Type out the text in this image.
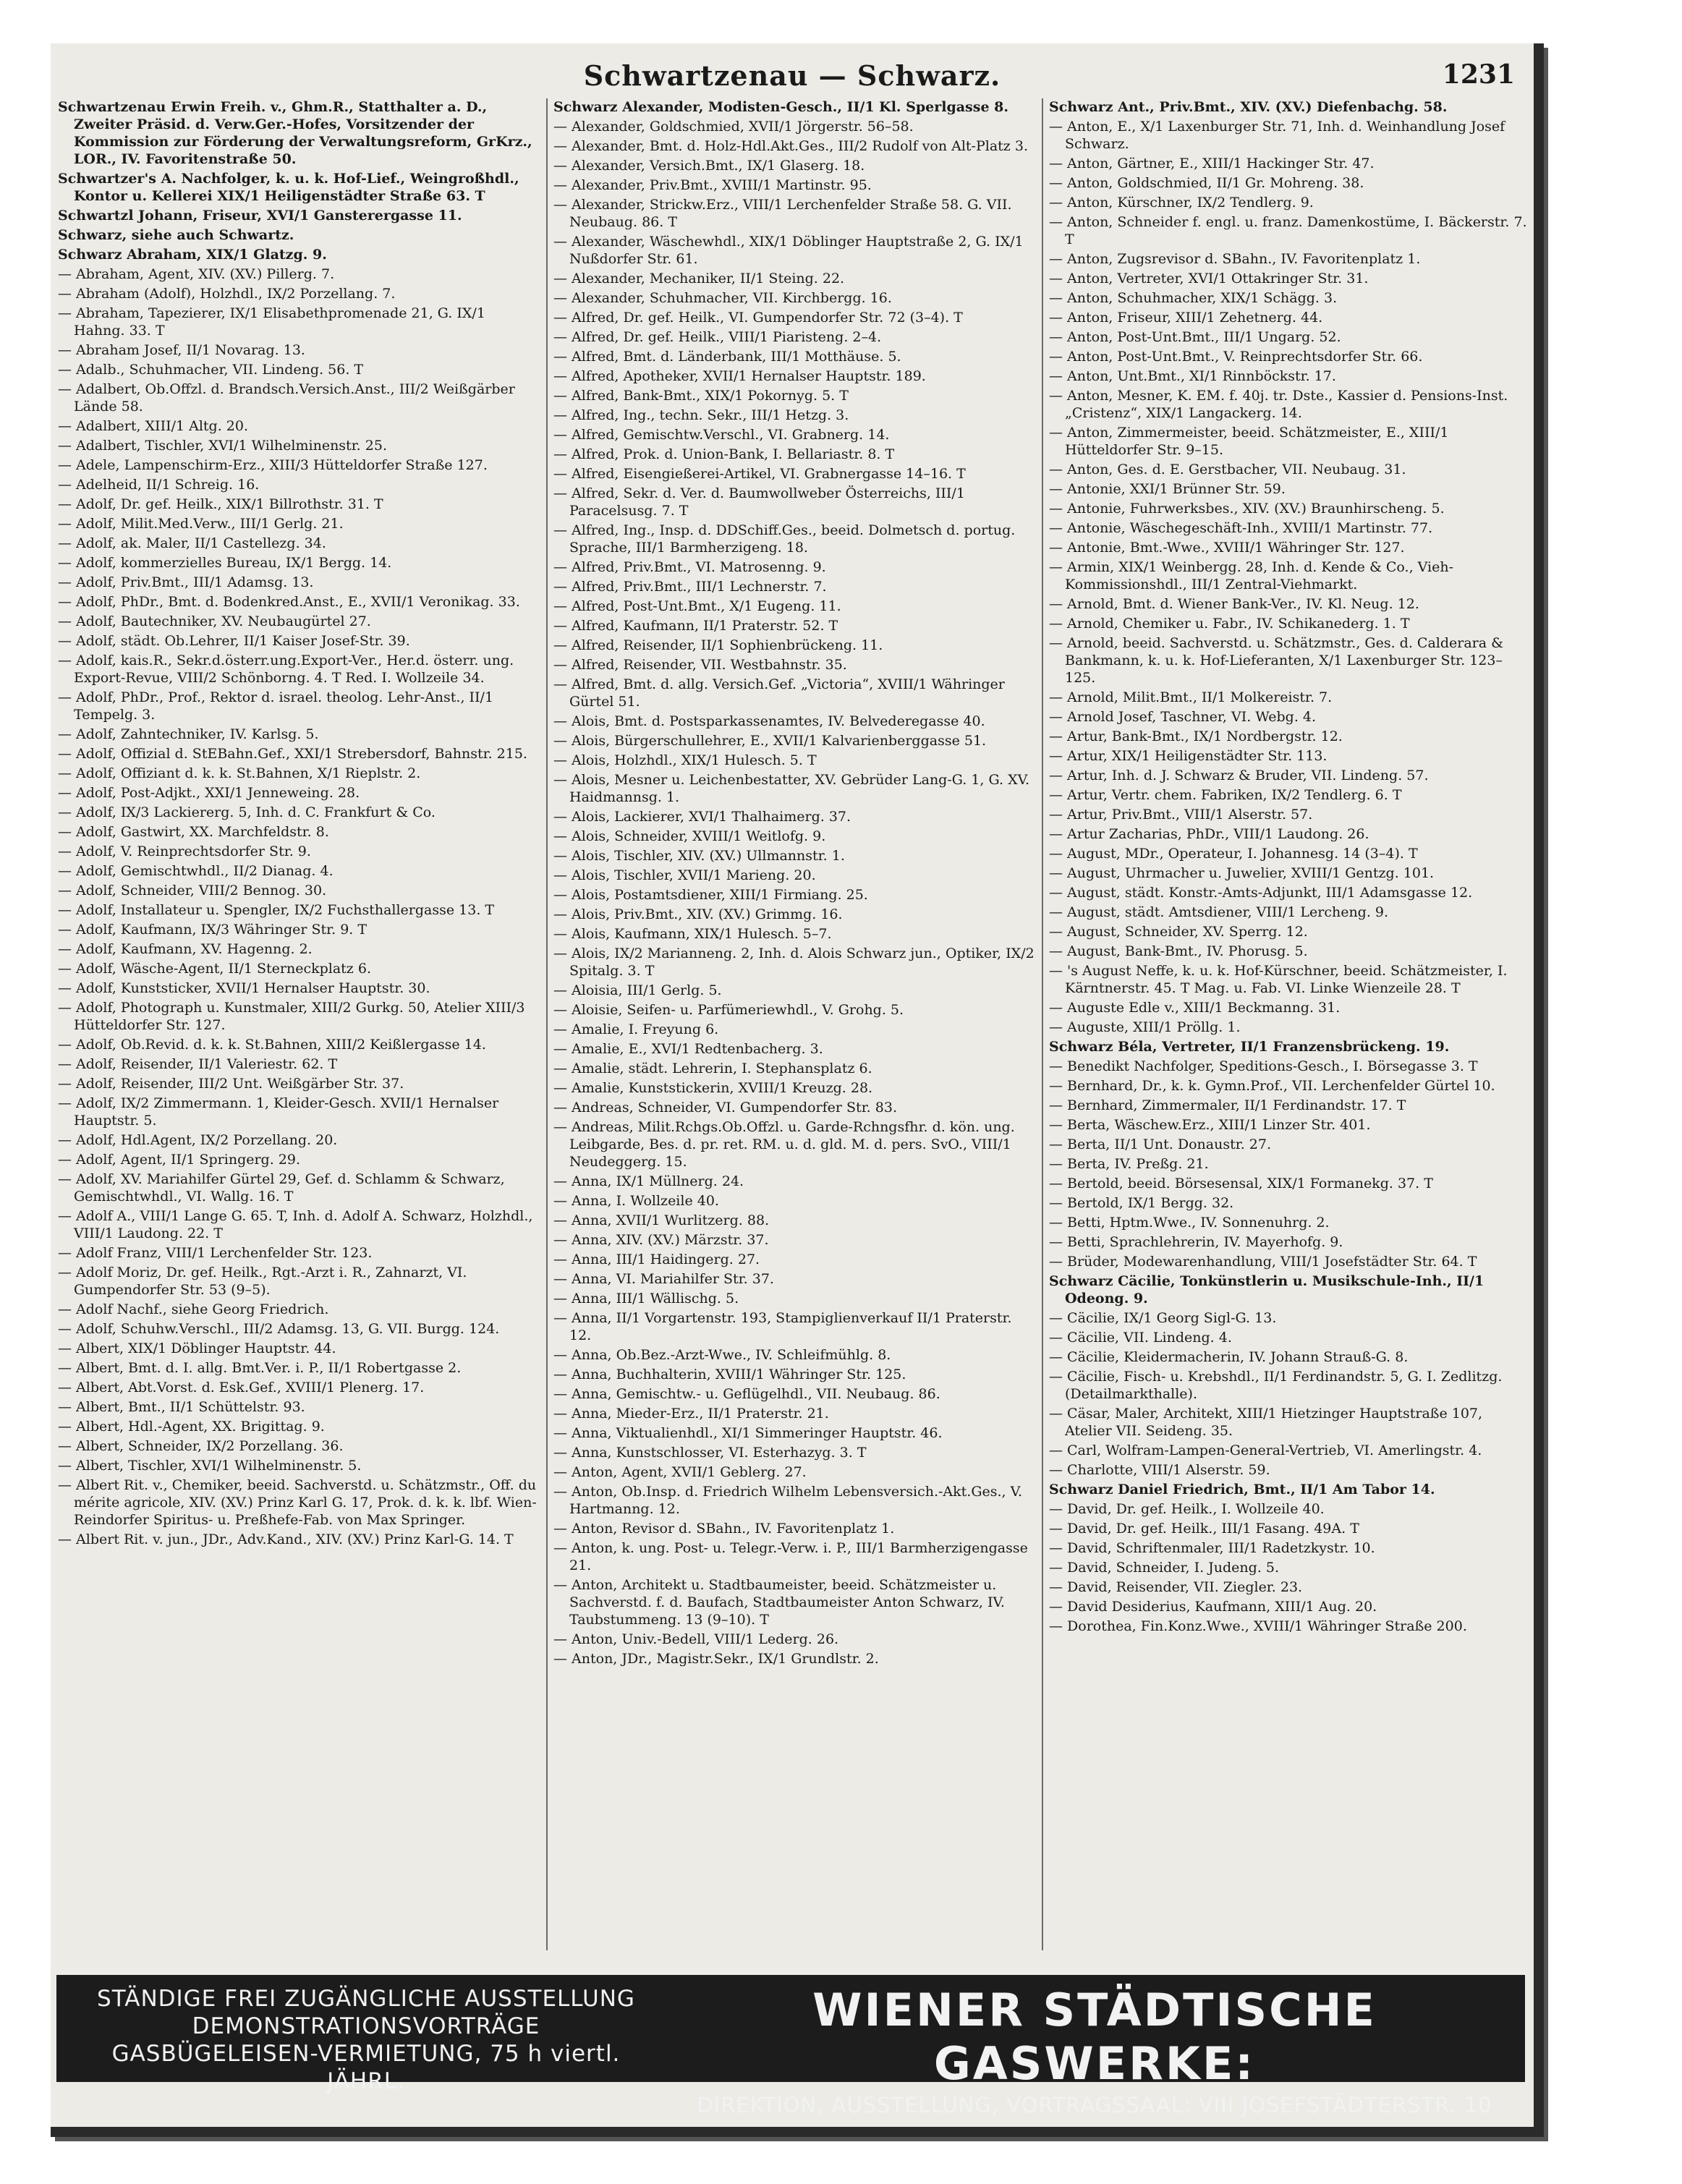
Schwartzenau — Schwarz.	1231
Schwartzenau Erwin Freih. v., Ghm.R., Statthalter a. D., Zweiter Präsid. d. Verw.Ger.-Hofes, Vorsitzender der Kommission zur Förderung der Verwaltungsreform, GrKrz., LOR., IV. Favoritenstraße 50.
Schwartzer's A. Nachfolger, k. u. k. Hof-Lief., Weingroßhdl., Kontor u. Kellerei XIX/1 Heiligenstädter Straße 63. T
Schwartzl Johann, Friseur, XVI/1 Gansterergasse 11.
Schwarz, siehe auch Schwartz.
Schwarz Abraham, XIX/1 Glatzg. 9.
— Abraham, Agent, XIV. (XV.) Pillerg. 7.
— Abraham (Adolf), Holzhdl., IX/2 Porzellang. 7.
— Abraham, Tapezierer, IX/1 Elisabethpromenade 21, G. IX/1 Hahng. 33. T
— Abraham Josef, II/1 Novarag. 13.
— Adalb., Schuhmacher, VII. Lindeng. 56. T
— Adalbert, Ob.Offzl. d. Brandsch.Versich.Anst., III/2 Weißgärber Lände 58.
— Adalbert, XIII/1 Altg. 20.
— Adalbert, Tischler, XVI/1 Wilhelminenstr. 25.
— Adele, Lampenschirm-Erz., XIII/3 Hütteldorfer Straße 127.
— Adelheid, II/1 Schreig. 16.
— Adolf, Dr. gef. Heilk., XIX/1 Billrothstr. 31. T
— Adolf, Milit.Med.Verw., III/1 Gerlg. 21.
— Adolf, ak. Maler, II/1 Castellezg. 34.
— Adolf, kommerzielles Bureau, IX/1 Bergg. 14.
— Adolf, Priv.Bmt., III/1 Adamsg. 13.
— Adolf, PhDr., Bmt. d. Bodenkred.Anst., E., XVII/1 Veronikag. 33.
— Adolf, Bautechniker, XV. Neubaugürtel 27.
— Adolf, städt. Ob.Lehrer, II/1 Kaiser Josef-Str. 39.
— Adolf, kais.R., Sekr.d.österr.ung.Export-Ver., Her.d. österr. ung. Export-Revue, VIII/2 Schönborng. 4. T Red. I. Wollzeile 34.
— Adolf, PhDr., Prof., Rektor d. israel. theolog. Lehr-Anst., II/1 Tempelg. 3.
— Adolf, Zahntechniker, IV. Karlsg. 5.
— Adolf, Offizial d. StEBahn.Gef., XXI/1 Strebersdorf, Bahnstr. 215.
— Adolf, Offiziant d. k. k. St.Bahnen, X/1 Rieplstr. 2.
— Adolf, Post-Adjkt., XXI/1 Jenneweing. 28.
— Adolf, IX/3 Lackiererg. 5, Inh. d. C. Frankfurt & Co.
— Adolf, Gastwirt, XX. Marchfeldstr. 8.
— Adolf, V. Reinprechtsdorfer Str. 9.
— Adolf, Gemischtwhdl., II/2 Dianag. 4.
— Adolf, Schneider, VIII/2 Bennog. 30.
— Adolf, Installateur u. Spengler, IX/2 Fuchsthallergasse 13. T
— Adolf, Kaufmann, IX/3 Währinger Str. 9. T
— Adolf, Kaufmann, XV. Hagenng. 2.
— Adolf, Wäsche-Agent, II/1 Sterneckplatz 6.
— Adolf, Kunststicker, XVII/1 Hernalser Hauptstr. 30.
— Adolf, Photograph u. Kunstmaler, XIII/2 Gurkg. 50, Atelier XIII/3 Hütteldorfer Str. 127.
— Adolf, Ob.Revid. d. k. k. St.Bahnen, XIII/2 Keißlergasse 14.
— Adolf, Reisender, II/1 Valeriestr. 62. T
— Adolf, Reisender, III/2 Unt. Weißgärber Str. 37.
— Adolf, IX/2 Zimmermann. 1, Kleider-Gesch. XVII/1 Hernalser Hauptstr. 5.
— Adolf, Hdl.Agent, IX/2 Porzellang. 20.
— Adolf, Agent, II/1 Springerg. 29.
— Adolf, XV. Mariahilfer Gürtel 29, Gef. d. Schlamm & Schwarz, Gemischtwhdl., VI. Wallg. 16. T
— Adolf A., VIII/1 Lange G. 65. T, Inh. d. Adolf A. Schwarz, Holzhdl., VIII/1 Laudong. 22. T
— Adolf Franz, VIII/1 Lerchenfelder Str. 123.
— Adolf Moriz, Dr. gef. Heilk., Rgt.-Arzt i. R., Zahnarzt, VI. Gumpendorfer Str. 53 (9–5).
— Adolf Nachf., siehe Georg Friedrich.
— Adolf, Schuhw.Verschl., III/2 Adamsg. 13, G. VII. Burgg. 124.
— Albert, XIX/1 Döblinger Hauptstr. 44.
— Albert, Bmt. d. I. allg. Bmt.Ver. i. P., II/1 Robertgasse 2.
— Albert, Abt.Vorst. d. Esk.Gef., XVIII/1 Plenerg. 17.
— Albert, Bmt., II/1 Schüttelstr. 93.
— Albert, Hdl.-Agent, XX. Brigittag. 9.
— Albert, Schneider, IX/2 Porzellang. 36.
— Albert, Tischler, XVI/1 Wilhelminenstr. 5.
— Albert Rit. v., Chemiker, beeid. Sachverstd. u. Schätzmstr., Off. du mérite agricole, XIV. (XV.) Prinz Karl G. 17, Prok. d. k. k. lbf. Wien-Reindorfer Spiritus- u. Preßhefe-Fab. von Max Springer.
— Albert Rit. v. jun., JDr., Adv.Kand., XIV. (XV.) Prinz Karl-G. 14. T
Schwarz Alexander, Modisten-Gesch., II/1 Kl. Sperlgasse 8.
— Alexander, Goldschmied, XVII/1 Jörgerstr. 56–58.
— Alexander, Bmt. d. Holz-Hdl.Akt.Ges., III/2 Rudolf von Alt-Platz 3.
— Alexander, Versich.Bmt., IX/1 Glaserg. 18.
— Alexander, Priv.Bmt., XVIII/1 Martinstr. 95.
— Alexander, Strickw.Erz., VIII/1 Lerchenfelder Straße 58. G. VII. Neubaug. 86. T
— Alexander, Wäschewhdl., XIX/1 Döblinger Hauptstraße 2, G. IX/1 Nußdorfer Str. 61.
— Alexander, Mechaniker, II/1 Steing. 22.
— Alexander, Schuhmacher, VII. Kirchbergg. 16.
— Alfred, Dr. gef. Heilk., VI. Gumpendorfer Str. 72 (3–4). T
— Alfred, Dr. gef. Heilk., VIII/1 Piaristeng. 2–4.
— Alfred, Bmt. d. Länderbank, III/1 Motthäuse. 5.
— Alfred, Apotheker, XVII/1 Hernalser Hauptstr. 189.
— Alfred, Bank-Bmt., XIX/1 Pokornyg. 5. T
— Alfred, Ing., techn. Sekr., III/1 Hetzg. 3.
— Alfred, Gemischtw.Verschl., VI. Grabnerg. 14.
— Alfred, Prok. d. Union-Bank, I. Bellariastr. 8. T
— Alfred, Eisengießerei-Artikel, VI. Grabnergasse 14–16. T
— Alfred, Sekr. d. Ver. d. Baumwollweber Österreichs, III/1 Paracelsusg. 7. T
— Alfred, Ing., Insp. d. DDSchiff.Ges., beeid. Dolmetsch d. portug. Sprache, III/1 Barmherzigeng. 18.
— Alfred, Priv.Bmt., VI. Matrosenng. 9.
— Alfred, Priv.Bmt., III/1 Lechnerstr. 7.
— Alfred, Post-Unt.Bmt., X/1 Eugeng. 11.
— Alfred, Kaufmann, II/1 Praterstr. 52. T
— Alfred, Reisender, II/1 Sophienbrückeng. 11.
— Alfred, Reisender, VII. Westbahnstr. 35.
— Alfred, Bmt. d. allg. Versich.Gef. „Victoria“, XVIII/1 Währinger Gürtel 51.
— Alois, Bmt. d. Postsparkassenamtes, IV. Belvederegasse 40.
— Alois, Bürgerschullehrer, E., XVII/1 Kalvarienberggasse 51.
— Alois, Holzhdl., XIX/1 Hulesch. 5. T
— Alois, Mesner u. Leichenbestatter, XV. Gebrüder Lang-G. 1, G. XV. Haidmannsg. 1.
— Alois, Lackierer, XVI/1 Thalhaimerg. 37.
— Alois, Schneider, XVIII/1 Weitlofg. 9.
— Alois, Tischler, XIV. (XV.) Ullmannstr. 1.
— Alois, Tischler, XVII/1 Marieng. 20.
— Alois, Postamtsdiener, XIII/1 Firmiang. 25.
— Alois, Priv.Bmt., XIV. (XV.) Grimmg. 16.
— Alois, Kaufmann, XIX/1 Hulesch. 5–7.
— Alois, IX/2 Marianneng. 2, Inh. d. Alois Schwarz jun., Optiker, IX/2 Spitalg. 3. T
— Aloisia, III/1 Gerlg. 5.
— Aloisie, Seifen- u. Parfümeriewhdl., V. Grohg. 5.
— Amalie, I. Freyung 6.
— Amalie, E., XVI/1 Redtenbacherg. 3.
— Amalie, städt. Lehrerin, I. Stephansplatz 6.
— Amalie, Kunststickerin, XVIII/1 Kreuzg. 28.
— Andreas, Schneider, VI. Gumpendorfer Str. 83.
— Andreas, Milit.Rchgs.Ob.Offzl. u. Garde-Rchngsfhr. d. kön. ung. Leibgarde, Bes. d. pr. ret. RM. u. d. gld. M. d. pers. SvO., VIII/1 Neudeggerg. 15.
— Anna, IX/1 Müllnerg. 24.
— Anna, I. Wollzeile 40.
— Anna, XVII/1 Wurlitzerg. 88.
— Anna, XIV. (XV.) Märzstr. 37.
— Anna, III/1 Haidingerg. 27.
— Anna, VI. Mariahilfer Str. 37.
— Anna, III/1 Wällischg. 5.
— Anna, II/1 Vorgartenstr. 193, Stampiglienverkauf II/1 Praterstr. 12.
— Anna, Ob.Bez.-Arzt-Wwe., IV. Schleifmühlg. 8.
— Anna, Buchhalterin, XVIII/1 Währinger Str. 125.
— Anna, Gemischtw.- u. Geflügelhdl., VII. Neubaug. 86.
— Anna, Mieder-Erz., II/1 Praterstr. 21.
— Anna, Viktualienhdl., XI/1 Simmeringer Hauptstr. 46.
— Anna, Kunstschlosser, VI. Esterhazyg. 3. T
— Anton, Agent, XVII/1 Geblerg. 27.
— Anton, Ob.Insp. d. Friedrich Wilhelm Lebensversich.-Akt.Ges., V. Hartmanng. 12.
— Anton, Revisor d. SBahn., IV. Favoritenplatz 1.
— Anton, k. ung. Post- u. Telegr.-Verw. i. P., III/1 Barmherzigengasse 21.
— Anton, Architekt u. Stadtbaumeister, beeid. Schätzmeister u. Sachverstd. f. d. Baufach, Stadtbaumeister Anton Schwarz, IV. Taubstummeng. 13 (9–10). T
— Anton, Univ.-Bedell, VIII/1 Lederg. 26.
— Anton, JDr., Magistr.Sekr., IX/1 Grundlstr. 2.
Schwarz Ant., Priv.Bmt., XIV. (XV.) Diefenbachg. 58.
— Anton, E., X/1 Laxenburger Str. 71, Inh. d. Weinhandlung Josef Schwarz.
— Anton, Gärtner, E., XIII/1 Hackinger Str. 47.
— Anton, Goldschmied, II/1 Gr. Mohreng. 38.
— Anton, Kürschner, IX/2 Tendlerg. 9.
— Anton, Schneider f. engl. u. franz. Damenkostüme, I. Bäckerstr. 7. T
— Anton, Zugsrevisor d. SBahn., IV. Favoritenplatz 1.
— Anton, Vertreter, XVI/1 Ottakringer Str. 31.
— Anton, Schuhmacher, XIX/1 Schägg. 3.
— Anton, Friseur, XIII/1 Zehetnerg. 44.
— Anton, Post-Unt.Bmt., III/1 Ungarg. 52.
— Anton, Post-Unt.Bmt., V. Reinprechtsdorfer Str. 66.
— Anton, Unt.Bmt., XI/1 Rinnböckstr. 17.
— Anton, Mesner, K. EM. f. 40j. tr. Dste., Kassier d. Pensions-Inst. „Cristenz“, XIX/1 Langackerg. 14.
— Anton, Zimmermeister, beeid. Schätzmeister, E., XIII/1 Hütteldorfer Str. 9–15.
— Anton, Ges. d. E. Gerstbacher, VII. Neubaug. 31.
— Antonie, XXI/1 Brünner Str. 59.
— Antonie, Fuhrwerksbes., XIV. (XV.) Braunhirscheng. 5.
— Antonie, Wäschegeschäft-Inh., XVIII/1 Martinstr. 77.
— Antonie, Bmt.-Wwe., XVIII/1 Währinger Str. 127.
— Armin, XIX/1 Weinbergg. 28, Inh. d. Kende & Co., Vieh-Kommissionshdl., III/1 Zentral-Viehmarkt.
— Arnold, Bmt. d. Wiener Bank-Ver., IV. Kl. Neug. 12.
— Arnold, Chemiker u. Fabr., IV. Schikanederg. 1. T
— Arnold, beeid. Sachverstd. u. Schätzmstr., Ges. d. Calderara & Bankmann, k. u. k. Hof-Lieferanten, X/1 Laxenburger Str. 123–125.
— Arnold, Milit.Bmt., II/1 Molkereistr. 7.
— Arnold Josef, Taschner, VI. Webg. 4.
— Artur, Bank-Bmt., IX/1 Nordbergstr. 12.
— Artur, XIX/1 Heiligenstädter Str. 113.
— Artur, Inh. d. J. Schwarz & Bruder, VII. Lindeng. 57.
— Artur, Vertr. chem. Fabriken, IX/2 Tendlerg. 6. T
— Artur, Priv.Bmt., VIII/1 Alserstr. 57.
— Artur Zacharias, PhDr., VIII/1 Laudong. 26.
— August, MDr., Operateur, I. Johannesg. 14 (3–4). T
— August, Uhrmacher u. Juwelier, XVIII/1 Gentzg. 101.
— August, städt. Konstr.-Amts-Adjunkt, III/1 Adamsgasse 12.
— August, städt. Amtsdiener, VIII/1 Lercheng. 9.
— August, Schneider, XV. Sperrg. 12.
— August, Bank-Bmt., IV. Phorusg. 5.
— 's August Neffe, k. u. k. Hof-Kürschner, beeid. Schätzmeister, I. Kärntnerstr. 45. T Mag. u. Fab. VI. Linke Wienzeile 28. T
— Auguste Edle v., XIII/1 Beckmanng. 31.
— Auguste, XIII/1 Pröllg. 1.
Schwarz Béla, Vertreter, II/1 Franzensbrückeng. 19.
— Benedikt Nachfolger, Speditions-Gesch., I. Börsegasse 3. T
— Bernhard, Dr., k. k. Gymn.Prof., VII. Lerchenfelder Gürtel 10.
— Bernhard, Zimmermaler, II/1 Ferdinandstr. 17. T
— Berta, Wäschew.Erz., XIII/1 Linzer Str. 401.
— Berta, II/1 Unt. Donaustr. 27.
— Berta, IV. Preßg. 21.
— Bertold, beeid. Börsesensal, XIX/1 Formanekg. 37. T
— Bertold, IX/1 Bergg. 32.
— Betti, Hptm.Wwe., IV. Sonnenuhrg. 2.
— Betti, Sprachlehrerin, IV. Mayerhofg. 9.
— Brüder, Modewarenhandlung, VIII/1 Josefstädter Str. 64. T
Schwarz Cäcilie, Tonkünstlerin u. Musikschule-Inh., II/1 Odeong. 9.
— Cäcilie, IX/1 Georg Sigl-G. 13.
— Cäcilie, VII. Lindeng. 4.
— Cäcilie, Kleidermacherin, IV. Johann Strauß-G. 8.
— Cäcilie, Fisch- u. Krebshdl., II/1 Ferdinandstr. 5, G. I. Zedlitzg. (Detailmarkthalle).
— Cäsar, Maler, Architekt, XIII/1 Hietzinger Hauptstraße 107, Atelier VII. Seideng. 35.
— Carl, Wolfram-Lampen-General-Vertrieb, VI. Amerlingstr. 4.
— Charlotte, VIII/1 Alserstr. 59.
Schwarz Daniel Friedrich, Bmt., II/1 Am Tabor 14.
— David, Dr. gef. Heilk., I. Wollzeile 40.
— David, Dr. gef. Heilk., III/1 Fasang. 49A. T
— David, Schriftenmaler, III/1 Radetzkystr. 10.
— David, Schneider, I. Judeng. 5.
— David, Reisender, VII. Ziegler. 23.
— David Desiderius, Kaufmann, XIII/1 Aug. 20.
— Dorothea, Fin.Konz.Wwe., XVIII/1 Währinger Straße 200.
STÄNDIGE FREI ZUGÄNGLICHE AUSSTELLUNG
DEMONSTRATIONSVORTRÄGE
GASBÜGELEISEN-VERMIETUNG, 75 h viertl. JÄHRL.
WIENER STÄDTISCHE GASWERKE:
DIREKTION, AUSSTELLUNG, VORTRAGSSAAL: VIII JOSEFSTÄDTERSTR. 10
